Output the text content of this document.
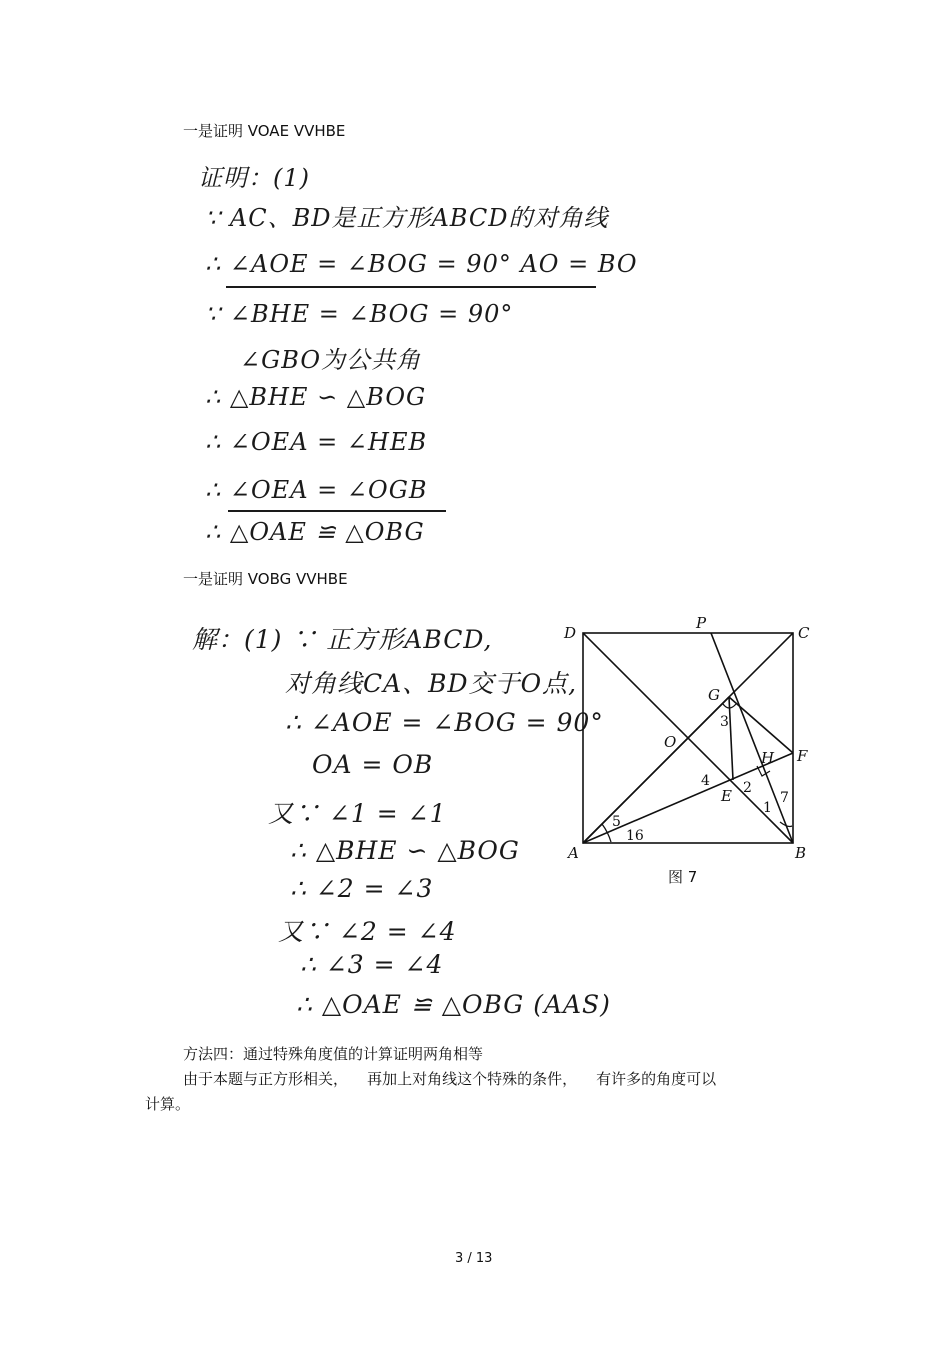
一是证明 VOAE VVHBE
证明：(1)
∵ AC、BD是正方形ABCD的对角线
∴ ∠AOE = ∠BOG = 90° AO = BO
∵ ∠BHE = ∠BOG = 90°
∠GBO为公共角
∴ △BHE ∽ △BOG
∴ ∠OEA = ∠HEB
∴ ∠OEA = ∠OGB
∴ △OAE ≌ △OBG
一是证明 VOBG VVHBE
解：(1) ∵ 正方形ABCD,
对角线CA、BD交于O点,
∴ ∠AOE = ∠BOG = 90°
OA = OB
又∵ ∠1 = ∠1
∴ △BHE ∽ △BOG
∴ ∠2 = ∠3
又∵ ∠2 = ∠4
∴ ∠3 = ∠4
∴ △OAE ≌ △OBG (AAS)
D
P
C
G
O
H F
E
A	B
3
4 2
1
7
5
16
图 7
方法四：通过特殊角度值的计算证明两角相等
由于本题与正方形相关，    再加上对角线这个特殊的条件，    有许多的角度可以
计算。
3 / 13
